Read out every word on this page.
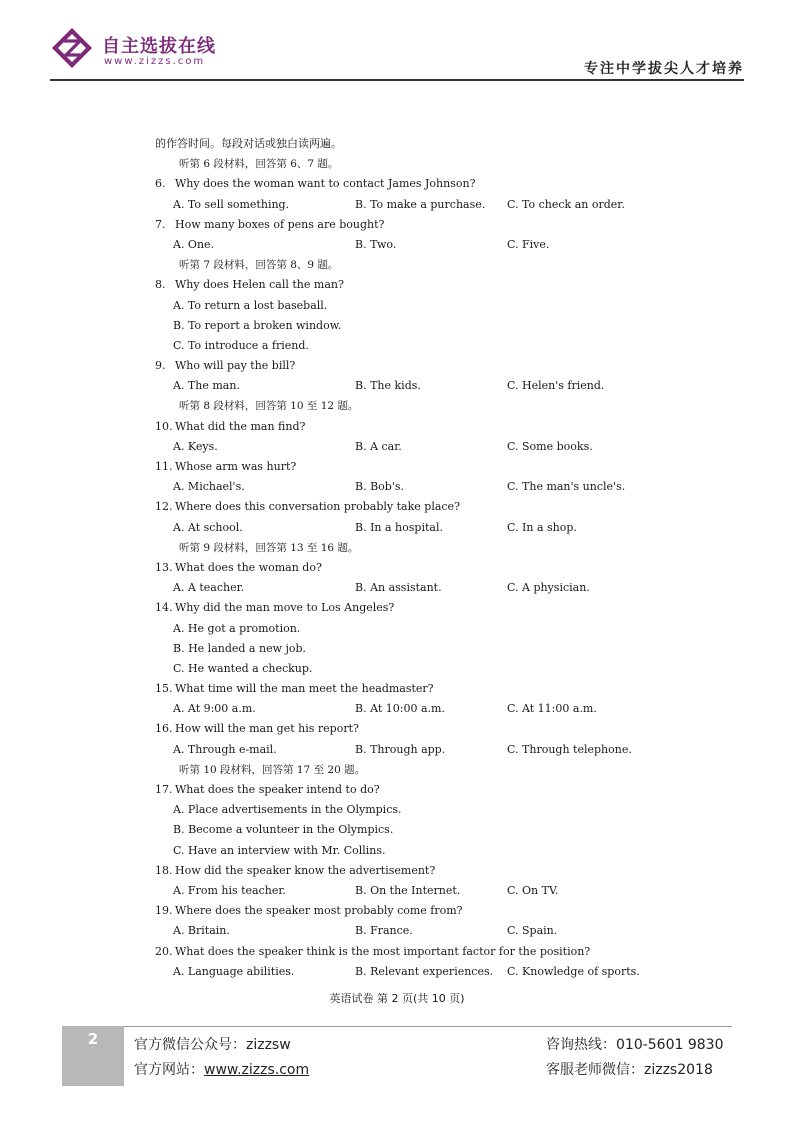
自主选拔在线
www.zizzs.com	专注中学拔尖人才培养
的作答时间。每段对话或独白读两遍。
听第 6 段材料，回答第 6、7 题。
6. Why does the woman want to contact James Johnson?
A. To sell something.	B. To make a purchase. C. To check an order.
7. How many boxes of pens are bought?
A. One.	B. Two.	C. Five.
听第 7 段材料，回答第 8、9 题。
8. Why does Helen call the man?
A. To return a lost baseball.
B. To report a broken window.
C. To introduce a friend.
9. Who will pay the bill?
A. The man.	B. The kids.	C. Helen's friend.
听第 8 段材料，回答第 10 至 12 题。
10. What did the man find?
A. Keys.	B. A car.	C. Some books.
11. Whose arm was hurt?
A. Michael's.	B. Bob's.	C. The man's uncle's.
12. Where does this conversation probably take place?
A. At school.	B. In a hospital.	C. In a shop.
听第 9 段材料，回答第 13 至 16 题。
13. What does the woman do?
A. A teacher.	B. An assistant.	C. A physician.
14. Why did the man move to Los Angeles?
A. He got a promotion.
B. He landed a new job.
C. He wanted a checkup.
15. What time will the man meet the headmaster?
A. At 9:00 a.m.	B. At 10:00 a.m.	C. At 11:00 a.m.
16. How will the man get his report?
A. Through e-mail.	B. Through app.	C. Through telephone.
听第 10 段材料，回答第 17 至 20 题。
17. What does the speaker intend to do?
A. Place advertisements in the Olympics.
B. Become a volunteer in the Olympics.
C. Have an interview with Mr. Collins.
18. How did the speaker know the advertisement?
A. From his teacher.	B. On the Internet.	C. On TV.
19. Where does the speaker most probably come from?
A. Britain.	B. France.	C. Spain.
20. What does the speaker think is the most important factor for the position?
A. Language abilities.	B. Relevant experiences. C. Knowledge of sports.
英语试卷 第 2 页(共 10 页)
2	官方微信公众号：zizzsw
官方网站：www.zizzs.com
咨询热线：010-5601 9830
客服老师微信：zizzs2018
